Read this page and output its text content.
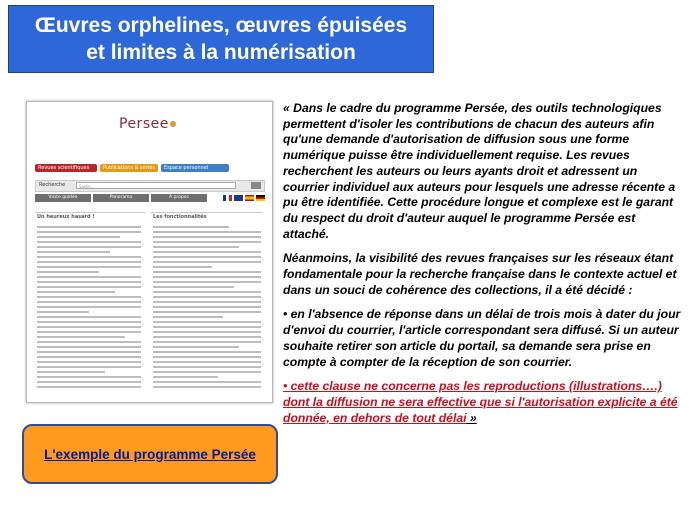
Œuvres orphelines, œuvres épuisées
et limites à la numérisation
Persee
Revues scientifiques	Publications & séries	Espace personnel
Recherche	Saisie...
Visite guidée	Panorama	À propos
Un heureux hasard !	Les fonctionnalités

« Dans le cadre du programme Persée, des outils technologiques permettent d'isoler les contributions de chacun des auteurs afin qu'une demande d'autorisation de diffusion sous une forme numérique puisse être individuellement requise. Les revues recherchent les auteurs ou leurs ayants droit et adressent un courrier individuel aux auteurs pour lesquels une adresse récente a pu être identifiée. Cette procédure longue et complexe est le garant du respect du droit d'auteur auquel le programme Persée est attaché.

Néanmoins, la visibilité des revues françaises sur les réseaux étant fondamentale pour la recherche française dans le contexte actuel et dans un souci de cohérence des collections, il a été décidé :

• en l'absence de réponse dans un délai de trois mois à dater du jour d'envoi du courrier, l'article correspondant sera diffusé. Si un auteur souhaite retirer son article du portail, sa demande sera prise en compte à compter de la réception de son courrier.

• cette clause ne concerne pas les reproductions (illustrations….) dont la diffusion ne sera effective que si l'autorisation explicite a été donnée, en dehors de tout délai »

L'exemple du programme Persée
